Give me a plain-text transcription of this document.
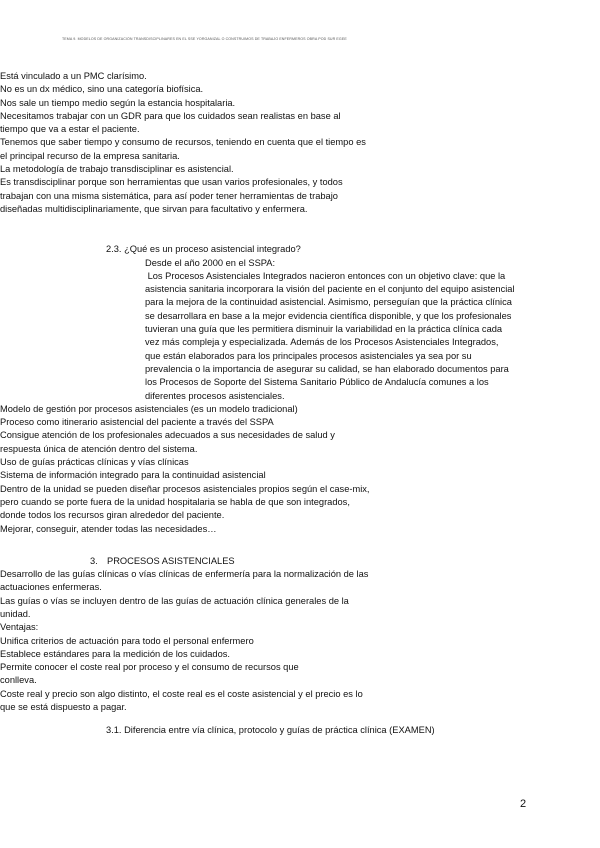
TEMA 9. MODELOS DE ORGANIZACIÓN TRANSDISCIPLINARES EN EL SSE YORGANIZAL O CONSTRUIMOS DE TRABAJO ENFERMEROS OBRA POD SUR EGEE
Está vinculado a un PMC clarísimo.
No es un dx médico, sino una categoría biofísica.
Nos sale un tiempo medio según la estancia hospitalaria.
Necesitamos trabajar con un GDR para que los cuidados sean realistas en base al tiempo que va a estar el paciente.
Tenemos que saber tiempo y consumo de recursos, teniendo en cuenta que el tiempo es el principal recurso de la empresa sanitaria.
La metodología de trabajo transdisciplinar es asistencial.
Es transdisciplinar porque son herramientas que usan varios profesionales, y todos trabajan con una misma sistemática, para así poder tener herramientas de trabajo diseñadas multidisciplinariamente, que sirvan para facultativo y enfermera.
2.3. ¿Qué es un proceso asistencial integrado?
Desde el año 2000 en el SSPA:
Los Procesos Asistenciales Integrados nacieron entonces con un objetivo clave: que la asistencia sanitaria incorporara la visión del paciente en el conjunto del equipo asistencial para la mejora de la continuidad asistencial. Asimismo, perseguían que la práctica clínica se desarrollara en base a la mejor evidencia científica disponible, y que los profesionales tuvieran una guía que les permitiera disminuir la variabilidad en la práctica clínica cada vez más compleja y especializada. Además de los Procesos Asistenciales Integrados, que están elaborados para los principales procesos asistenciales ya sea por su prevalencia o la importancia de asegurar su calidad, se han elaborado documentos para los Procesos de Soporte del Sistema Sanitario Público de Andalucía comunes a los diferentes procesos asistenciales.
Modelo de gestión por procesos asistenciales (es un modelo tradicional)
Proceso como itinerario asistencial del paciente a través del SSPA
Consigue atención de los profesionales adecuados a sus necesidades de salud y respuesta única de atención dentro del sistema.
Uso de guías prácticas clínicas y vías clínicas
Sistema de información integrado para la continuidad asistencial
Dentro de la unidad se pueden diseñar procesos asistenciales propios según el case-mix, pero cuando se porte fuera de la unidad hospitalaria se habla de que son integrados, donde todos los recursos giran alrededor del paciente.
Mejorar, conseguir, atender todas las necesidades…
3. PROCESOS ASISTENCIALES
Desarrollo de las guías clínicas o vías clínicas de enfermería para la normalización de las actuaciones enfermeras.
Las guías o vías se incluyen dentro de las guías de actuación clínica generales de la unidad.
Ventajas:
Unifica criterios de actuación para todo el personal enfermero
Establece estándares para la medición de los cuidados.
Permite conocer el coste real por proceso y el consumo de recursos que conlleva.
Coste real y precio son algo distinto, el coste real es el coste asistencial y el precio es lo que se está dispuesto a pagar.
3.1. Diferencia entre vía clínica, protocolo y guías de práctica clínica (EXAMEN)
2
